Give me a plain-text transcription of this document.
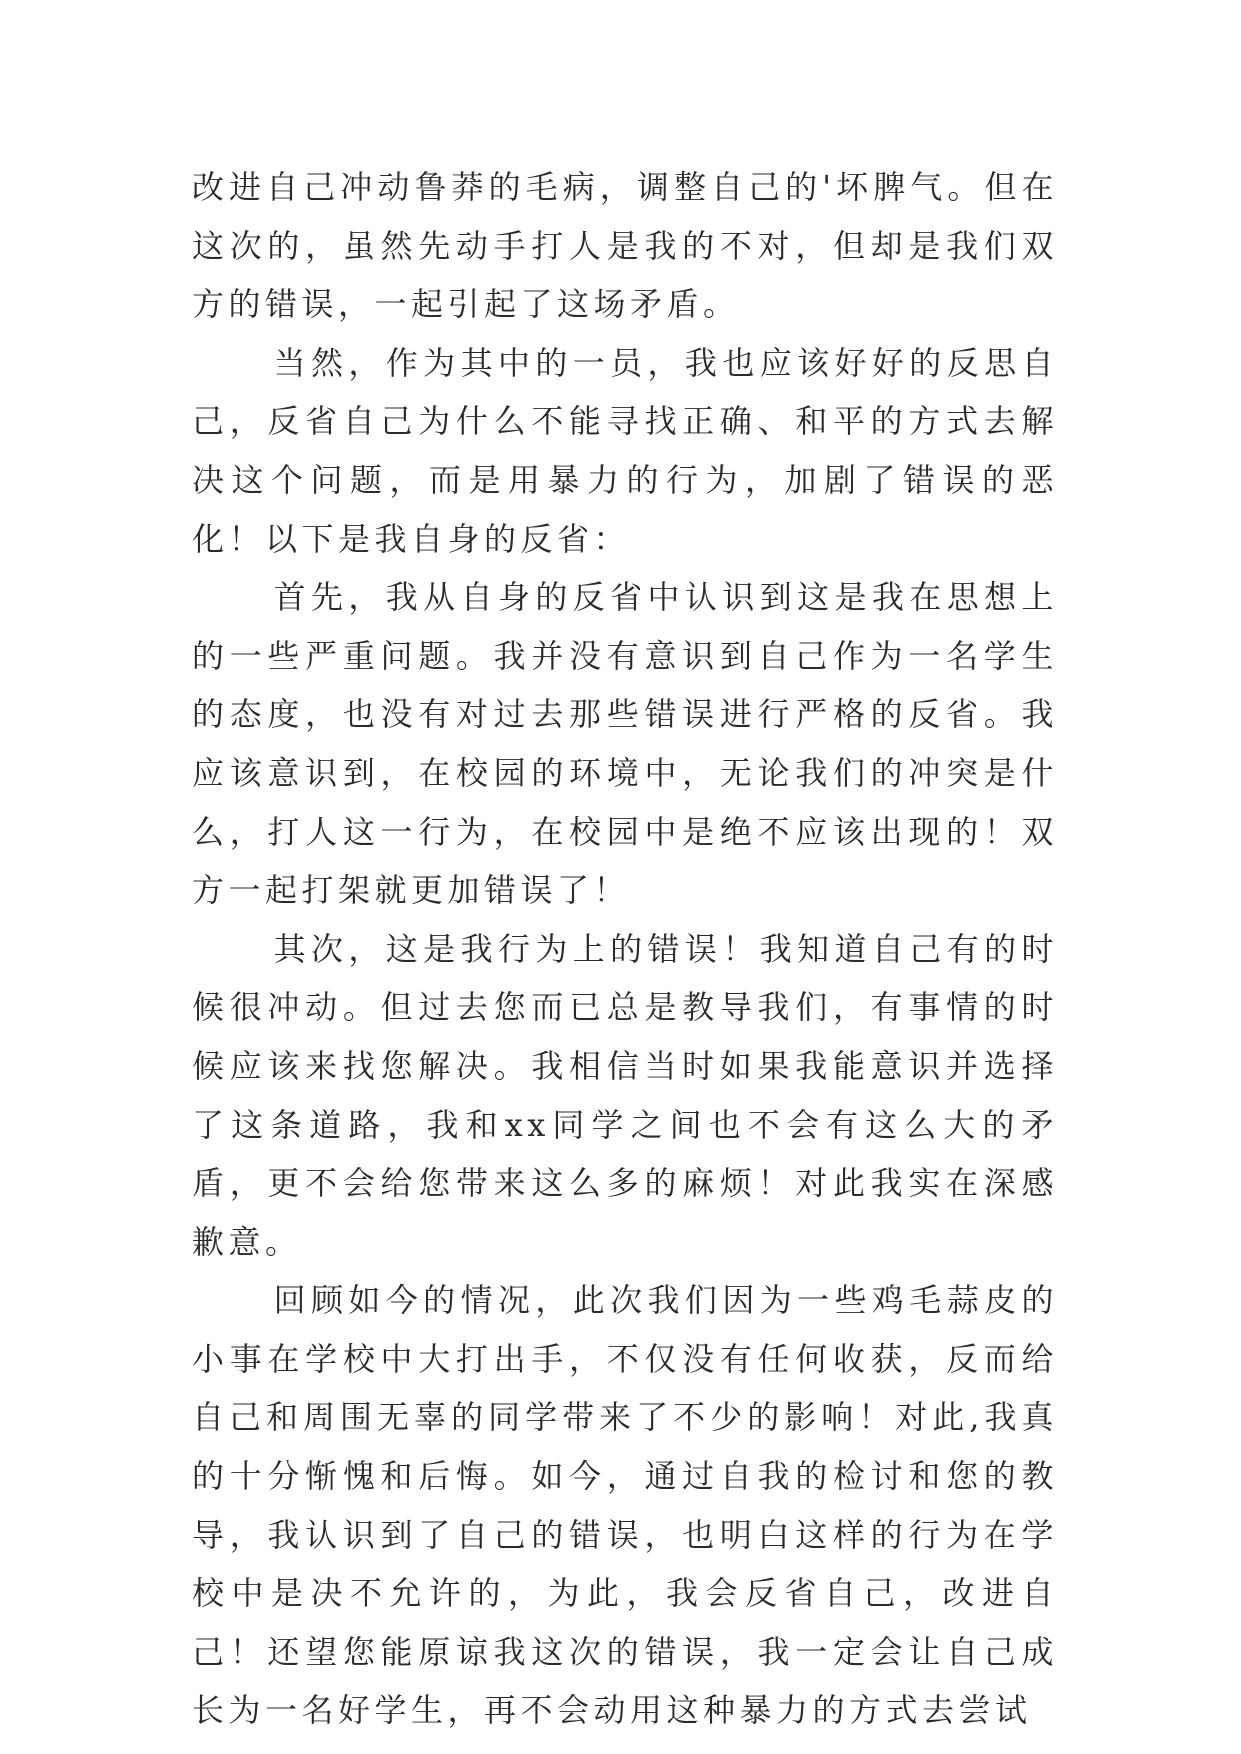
改进自己冲动鲁莽的毛病，调整自己的'坏脾气。但在这次的，虽然先动手打人是我的不对，但却是我们双方的错误，一起引起了这场矛盾。

当然，作为其中的一员，我也应该好好的反思自己，反省自己为什么不能寻找正确、和平的方式去解决这个问题，而是用暴力的行为，加剧了错误的恶化！以下是我自身的反省：

首先，我从自身的反省中认识到这是我在思想上的一些严重问题。我并没有意识到自己作为一名学生的态度，也没有对过去那些错误进行严格的反省。我应该意识到，在校园的环境中，无论我们的冲突是什么，打人这一行为，在校园中是绝不应该出现的！双方一起打架就更加错误了！

其次，这是我行为上的错误！我知道自己有的时候很冲动。但过去您而已总是教导我们，有事情的时候应该来找您解决。我相信当时如果我能意识并选择了这条道路，我和xx同学之间也不会有这么大的矛盾，更不会给您带来这么多的麻烦！对此我实在深感歉意。

回顾如今的情况，此次我们因为一些鸡毛蒜皮的小事在学校中大打出手，不仅没有任何收获，反而给自己和周围无辜的同学带来了不少的影响！对此,我真的十分惭愧和后悔。如今，通过自我的检讨和您的教导，我认识到了自己的错误，也明白这样的行为在学校中是决不允许的，为此，我会反省自己，改进自己！还望您能原谅我这次的错误，我一定会让自己成长为一名好学生，再不会动用这种暴力的方式去尝试
